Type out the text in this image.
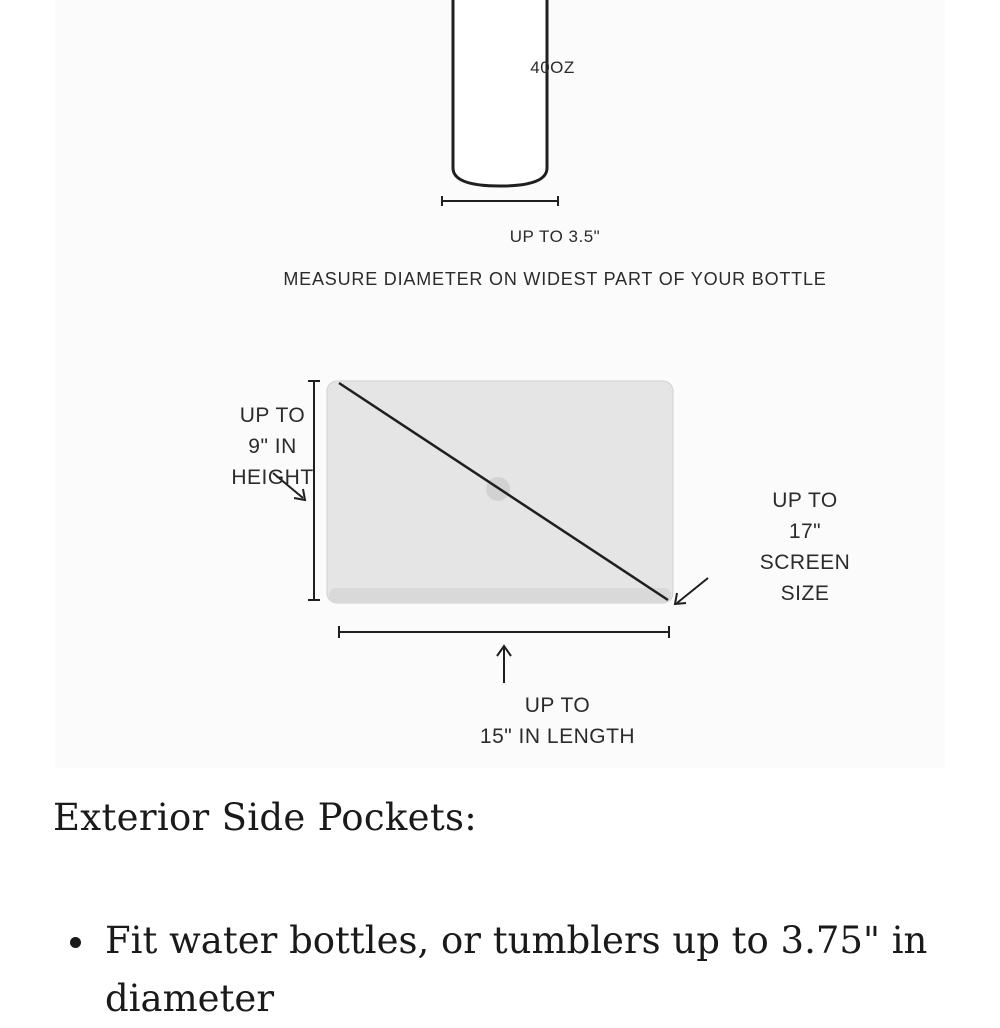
40OZ
UP TO 3.5"
MEASURE DIAMETER ON WIDEST PART OF YOUR BOTTLE
UP TO
9" IN
HEIGHT
UP TO
17"
SCREEN
SIZE
UP TO
15" IN LENGTH
Exterior Side Pockets:
Fit water bottles, or tumblers up to 3.75" in diameter
